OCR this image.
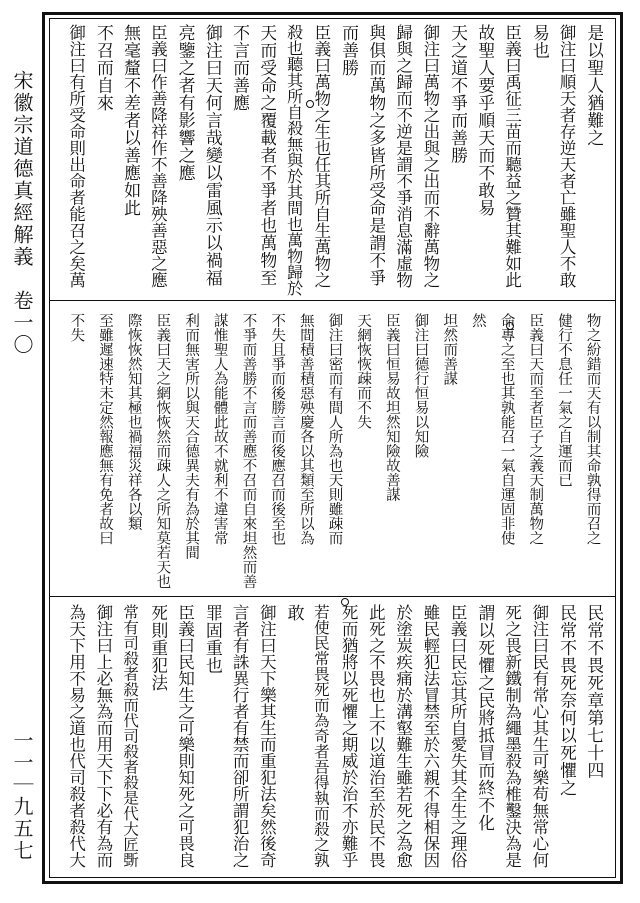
宋徽宗道德真經解義　卷一〇
一一｜九五七
是以聖人猶難之
御注曰順天者存逆天者亡雖聖人不敢
易也
臣義曰禹征三苗而聽益之贊其難如此
故聖人要乎順天而不敢易
天之道不爭而善勝
御注曰萬物之出與之出而不辭萬物之
歸與之歸而不逆是謂不爭消息滿虛物
與俱而萬物之多皆所受命是謂不爭
而善勝
臣義曰萬物之生也任其所自生萬物之
殺也聽其所自殺無與於其間也萬物歸於
天而受命之覆載者不爭者也萬物至
不言而善應
御注曰天何言哉變以雷風示以禍福
亮鑒之者有影響之應
臣義曰作善降祥作不善降殃善惡之應
無毫釐不差者以善應如此
不召而自來
御注曰有所受命則出命者能召之矣萬
物之紛錯而天有以制其命孰得而召之
健行不息任一氣之自運而已
臣義曰天而至者臣子之義天制萬物之
命專之至也其孰能召一氣自運固非使
然
坦然而善謀
御注曰德行恒易以知險
臣義曰恒易故坦然知險故善謀
天網恢恢疎而不失
御注曰密而有間人所為也天則雖疎而
無間積善積惡殃慶各以其類至所以為
不失且爭而後勝言而後應召而後至也
不爭而善勝不言而善應不召而自來坦然而善
謀惟聖人為能體此故不就利不違害常
利而無害所以與天合德異夫有為於其間
臣義曰天之網恢恢然而疎人之所知莫若天也
際恢恢然知其極也禍福災祥各以類
至雖遲速特未定然報應無有免者故曰
不失
民常不畏死章第七十四
民常不畏死奈何以死懼之
御注曰民有常心其生可樂苟無常心何
死之畏新鐵制為繩墨殺為椎鑿決為是
謂以死懼之民將抵冒而終不化
臣義曰民忘其所自愛失其全生之理俗
雖民輕犯法冒禁至於六親不得相保因
於塗炭疾痛於溝壑難生雖若死之為愈
此死之不畏也上不以道治至於民不畏
死而猶將以死懼之期威於治不亦難乎
若使民常畏死而為奇者吾得執而殺之孰
敢
御注曰天下樂其生而重犯法矣然後奇
言者有誅異行者有禁而卻所謂犯治之
罪固重也
臣義曰民知生之可樂則知死之可畏良
死則重犯法
常有司殺者殺而代司殺者殺是代大匠斲
御注曰上必無為而用天下下必有為而
為天下用不易之道也代司殺者殺代大
